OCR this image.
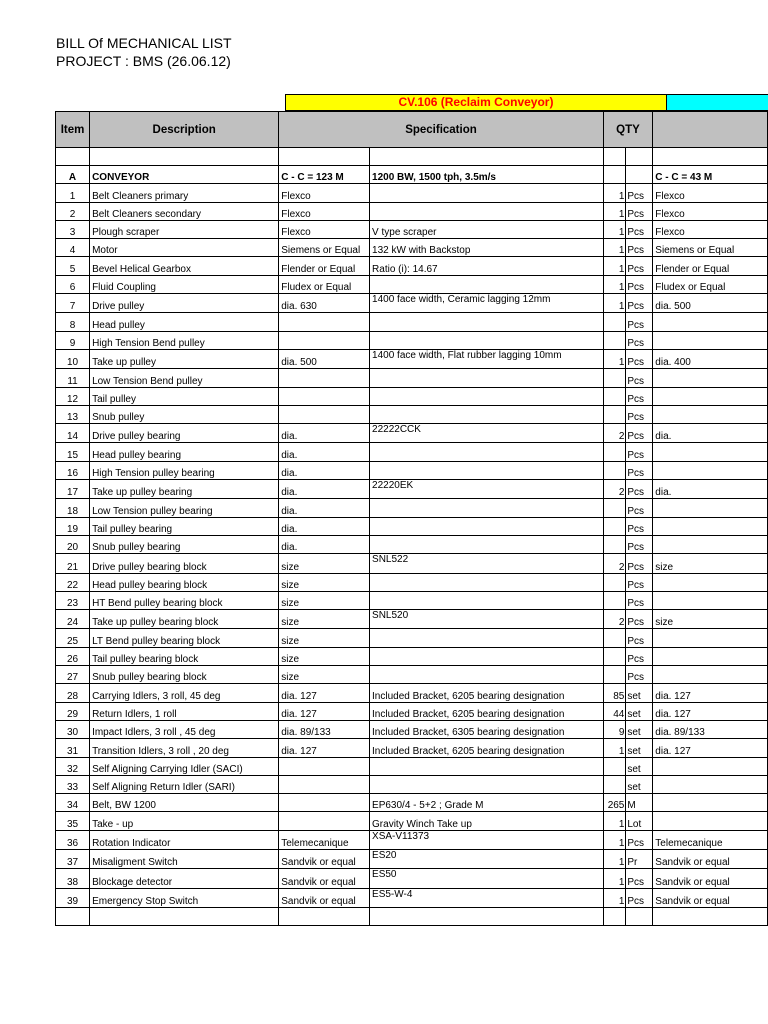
BILL Of MECHANICAL LIST
PROJECT : BMS (26.06.12)
CV.106 (Reclaim Conveyor)
Item	Description	Specification		QTY		

A	CONVEYOR	C - C = 123 M	1200 BW, 1500 tph, 3.5m/s			C - C = 43 M
1	Belt Cleaners primary	Flexco		1	Pcs	Flexco
2	Belt Cleaners secondary	Flexco		1	Pcs	Flexco
3	Plough scraper	Flexco	V type scraper	1	Pcs	Flexco
4	Motor	Siemens or Equal	132 kW with Backstop	1	Pcs	Siemens or Equal
5	Bevel Helical Gearbox	Flender or Equal	Ratio (i): 14.67	1	Pcs	Flender or Equal
6	Fluid Coupling	Fludex or Equal		1	Pcs	Fludex or Equal
7	Drive pulley	dia. 630	1400 face width, Ceramic lagging 12mm	1	Pcs	dia. 500
8	Head pulley				Pcs	
9	High Tension Bend pulley				Pcs	
10	Take up pulley	dia. 500	1400 face width, Flat rubber lagging 10mm	1	Pcs	dia. 400
11	Low Tension Bend pulley				Pcs	
12	Tail pulley				Pcs	
13	Snub pulley				Pcs	
14	Drive pulley bearing	dia.	22222CCK	2	Pcs	dia.
15	Head pulley bearing	dia.			Pcs	
16	High Tension pulley bearing	dia.			Pcs	
17	Take up pulley bearing	dia.	22220EK	2	Pcs	dia.
18	Low Tension pulley bearing	dia.			Pcs	
19	Tail pulley bearing	dia.			Pcs	
20	Snub pulley bearing	dia.			Pcs	
21	Drive pulley bearing block	size	SNL522	2	Pcs	size
22	Head pulley bearing block	size			Pcs	
23	HT Bend pulley bearing block	size			Pcs	
24	Take up pulley bearing block	size	SNL520	2	Pcs	size
25	LT Bend pulley bearing block	size			Pcs	
26	Tail pulley bearing block	size			Pcs	
27	Snub pulley bearing block	size			Pcs	
28	Carrying Idlers, 3 roll, 45 deg	dia. 127	Included Bracket, 6205 bearing designation	85	set	dia. 127
29	Return Idlers, 1 roll	dia. 127	Included Bracket, 6205 bearing designation	44	set	dia. 127
30	Impact Idlers, 3 roll , 45 deg	dia. 89/133	Included Bracket, 6305 bearing designation	9	set	dia. 89/133
31	Transition Idlers, 3 roll , 20 deg	dia. 127	Included Bracket, 6205 bearing designation	1	set	dia. 127
32	Self Aligning Carrying Idler (SACI)				set	
33	Self Aligning Return Idler (SARI)				set	
34	Belt, BW 1200		EP630/4 - 5+2 ; Grade M	265	M	
35	Take - up		Gravity Winch Take up	1	Lot	
36	Rotation Indicator	Telemecanique	XSA-V11373	1	Pcs	Telemecanique
37	Misaligment Switch	Sandvik or equal	ES20	1	Pr	Sandvik or equal
38	Blockage detector	Sandvik or equal	ES50	1	Pcs	Sandvik or equal
39	Emergency Stop Switch	Sandvik or equal	ES5-W-4	1	Pcs	Sandvik or equal
